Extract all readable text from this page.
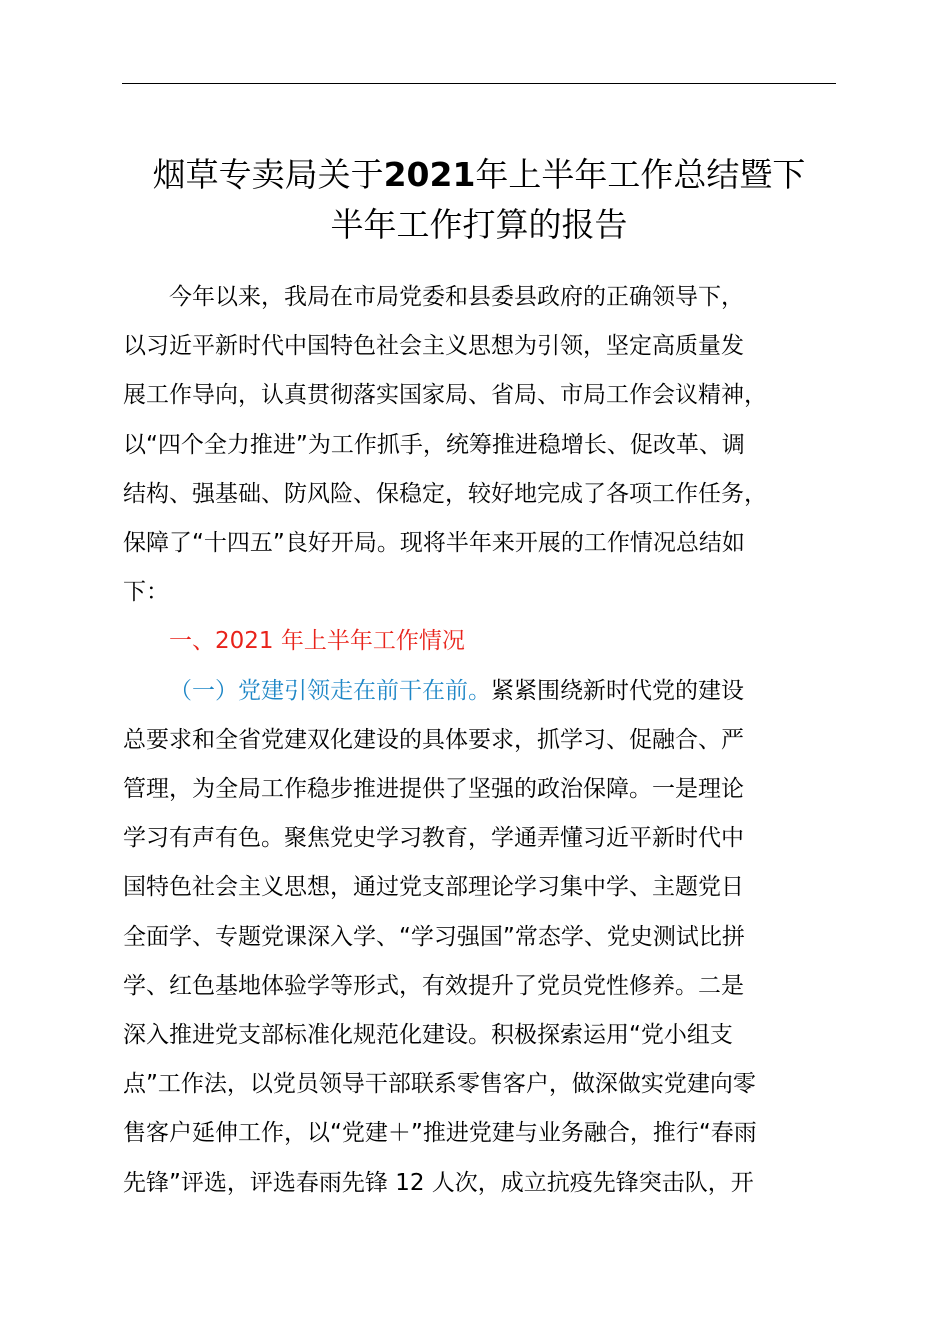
烟草专卖局关于2021年上半年工作总结暨下
半年工作打算的报告
今年以来，我局在市局党委和县委县政府的正确领导下，
以习近平新时代中国特色社会主义思想为引领，坚定高质量发
展工作导向，认真贯彻落实国家局、省局、市局工作会议精神，
以“四个全力推进”为工作抓手，统筹推进稳增长、促改革、调
结构、强基础、防风险、保稳定，较好地完成了各项工作任务，
保障了“十四五”良好开局。现将半年来开展的工作情况总结如
下：
一、2021 年上半年工作情况
（一）党建引领走在前干在前。紧紧围绕新时代党的建设
总要求和全省党建双化建设的具体要求，抓学习、促融合、严
管理，为全局工作稳步推进提供了坚强的政治保障。一是理论
学习有声有色。聚焦党史学习教育，学通弄懂习近平新时代中
国特色社会主义思想，通过党支部理论学习集中学、主题党日
全面学、专题党课深入学、“学习强国”常态学、党史测试比拼
学、红色基地体验学等形式，有效提升了党员党性修养。二是
深入推进党支部标准化规范化建设。积极探索运用“党小组支
点”工作法，以党员领导干部联系零售客户，做深做实党建向零
售客户延伸工作，以“党建＋”推进党建与业务融合，推行“春雨
先锋”评选，评选春雨先锋 12 人次，成立抗疫先锋突击队，开
